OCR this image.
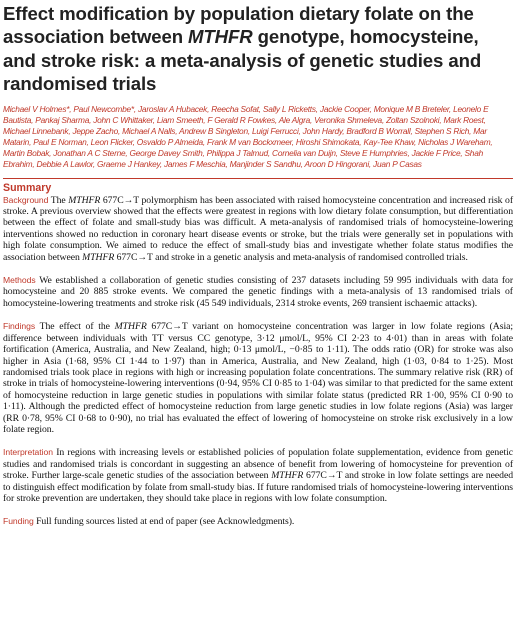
Effect modification by population dietary folate on the association between MTHFR genotype, homocysteine, and stroke risk: a meta-analysis of genetic studies and randomised trials
Michael V Holmes*, Paul Newcombe*, Jaroslav A Hubacek, Reecha Sofat, Sally L Ricketts, Jackie Cooper, Monique M B Breteler, Leonelo E Bautista, Pankaj Sharma, John C Whittaker, Liam Smeeth, F Gerald R Fowkes, Ale Algra, Veronika Shmeleva, Zoltan Szolnoki, Mark Roest, Michael Linnebank, Jeppe Zacho, Michael A Nalls, Andrew B Singleton, Luigi Ferrucci, John Hardy, Bradford B Worrall, Stephen S Rich, Mar Matarin, Paul E Norman, Leon Flicker, Osvaldo P Almeida, Frank M van Bockxmeer, Hiroshi Shimokata, Kay-Tee Khaw, Nicholas J Wareham, Martin Bobak, Jonathan A C Sterne, George Davey Smith, Philippa J Talmud, Cornelia van Duijn, Steve E Humphries, Jackie F Price, Shah Ebrahim, Debbie A Lawlor, Graeme J Hankey, James F Meschia, Manjinder S Sandhu, Aroon D Hingorani, Juan P Casas
Summary

Background The MTHFR 677C→T polymorphism has been associated with raised homocysteine concentration and increased risk of stroke. A previous overview showed that the effects were greatest in regions with low dietary folate consumption, but differentiation between the effect of folate and small-study bias was difficult. A meta-analysis of randomised trials of homocysteine-lowering interventions showed no reduction in coronary heart disease events or stroke, but the trials were generally set in populations with high folate consumption. We aimed to reduce the effect of small-study bias and investigate whether folate status modifies the association between MTHFR 677C→T and stroke in a genetic analysis and meta-analysis of randomised controlled trials.

Methods We established a collaboration of genetic studies consisting of 237 datasets including 59 995 individuals with data for homocysteine and 20 885 stroke events. We compared the genetic findings with a meta-analysis of 13 randomised trials of homocysteine-lowering treatments and stroke risk (45 549 individuals, 2314 stroke events, 269 transient ischaemic attacks).

Findings The effect of the MTHFR 677C→T variant on homocysteine concentration was larger in low folate regions (Asia; difference between individuals with TT versus CC genotype, 3·12 μmol/L, 95% CI 2·23 to 4·01) than in areas with folate fortification (America, Australia, and New Zealand, high; 0·13 μmol/L, −0·85 to 1·11). The odds ratio (OR) for stroke was also higher in Asia (1·68, 95% CI 1·44 to 1·97) than in America, Australia, and New Zealand, high (1·03, 0·84 to 1·25). Most randomised trials took place in regions with high or increasing population folate concentrations. The summary relative risk (RR) of stroke in trials of homocysteine-lowering interventions (0·94, 95% CI 0·85 to 1·04) was similar to that predicted for the same extent of homocysteine reduction in large genetic studies in populations with similar folate status (predicted RR 1·00, 95% CI 0·90 to 1·11). Although the predicted effect of homocysteine reduction from large genetic studies in low folate regions (Asia) was larger (RR 0·78, 95% CI 0·68 to 0·90), no trial has evaluated the effect of lowering of homocysteine on stroke risk exclusively in a low folate region.

Interpretation In regions with increasing levels or established policies of population folate supplementation, evidence from genetic studies and randomised trials is concordant in suggesting an absence of benefit from lowering of homocysteine for prevention of stroke. Further large-scale genetic studies of the association between MTHFR 677C→T and stroke in low folate settings are needed to distinguish effect modification by folate from small-study bias. If future randomised trials of homocysteine-lowering interventions for stroke prevention are undertaken, they should take place in regions with low folate consumption.

Funding Full funding sources listed at end of paper (see Acknowledgments).
